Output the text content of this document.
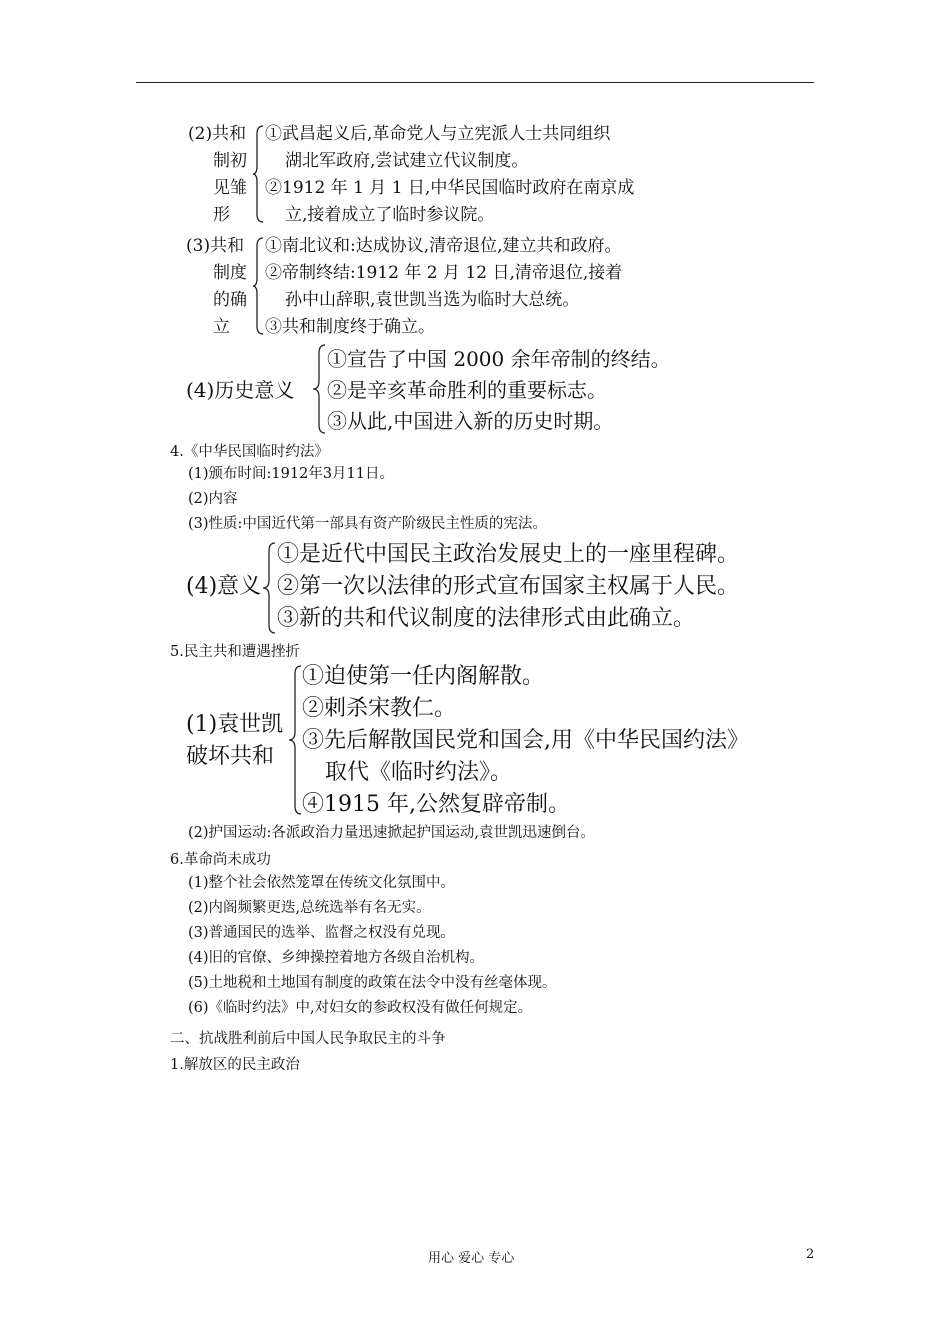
(2)共和
制初
见雏
形
①武昌起义后,革命党人与立宪派人士共同组织
湖北军政府,尝试建立代议制度。
②1912 年 1 月 1 日,中华民国临时政府在南京成
立,接着成立了临时参议院。
(3)共和
制度
的确
立
①南北议和:达成协议,清帝退位,建立共和政府。
②帝制终结:1912 年 2 月 12 日,清帝退位,接着
孙中山辞职,袁世凯当选为临时大总统。
③共和制度终于确立。
(4)历史意义
①宣告了中国 2000 余年帝制的终结。
②是辛亥革命胜利的重要标志。
③从此,中国进入新的历史时期。
4.《中华民国临时约法》
(1)颁布时间:1912年3月11日。
(2)内容
(3)性质:中国近代第一部具有资产阶级民主性质的宪法。
(4)意义
①是近代中国民主政治发展史上的一座里程碑。
②第一次以法律的形式宣布国家主权属于人民。
③新的共和代议制度的法律形式由此确立。
5.民主共和遭遇挫折
(1)袁世凯
破坏共和
①迫使第一任内阁解散。
②刺杀宋教仁。
③先后解散国民党和国会,用《中华民国约法》
取代《临时约法》。
④1915 年,公然复辟帝制。
(2)护国运动:各派政治力量迅速掀起护国运动,袁世凯迅速倒台。
6.革命尚未成功
(1)整个社会依然笼罩在传统文化氛围中。
(2)内阁频繁更迭,总统选举有名无实。
(3)普通国民的选举、监督之权没有兑现。
(4)旧的官僚、乡绅操控着地方各级自治机构。
(5)土地税和土地国有制度的政策在法令中没有丝毫体现。
(6)《临时约法》中,对妇女的参政权没有做任何规定。
二、抗战胜利前后中国人民争取民主的斗争
1.解放区的民主政治
用心 爱心 专心	2
